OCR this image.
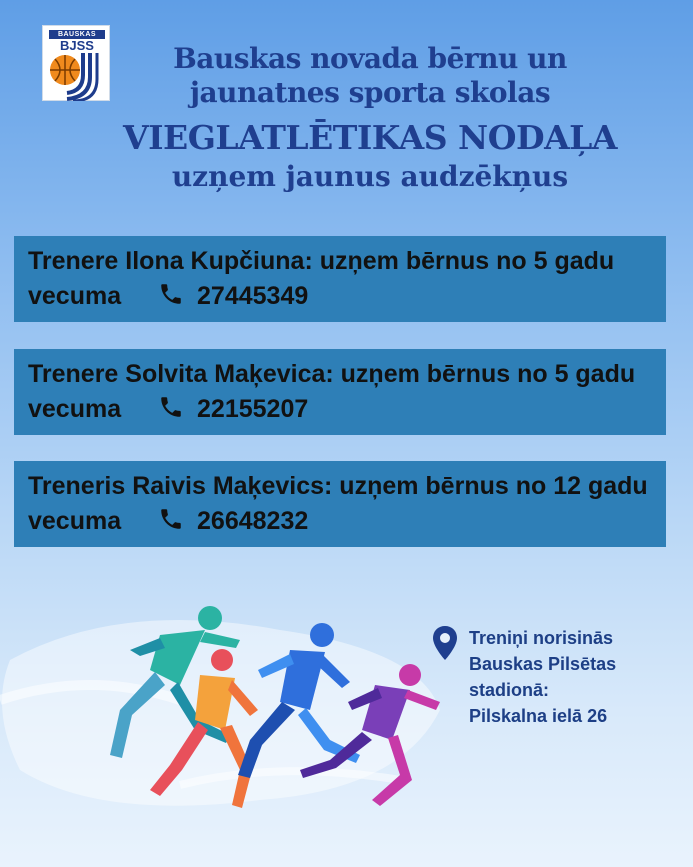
BAUSKAS
BJSS	Bauskas novada bērnu un
jaunatnes sporta skolas
VIEGLATLĒTIKAS NODAĻA
uzņem jaunus audzēkņus
Trenere Ilona Kupčiuna: uzņem bērnus no 5 gadu vecuma	27445349
Trenere Solvita Maķevica: uzņem bērnus no 5 gadu vecuma	22155207
Treneris Raivis Maķevics: uzņem bērnus no 12 gadu vecuma	26648232
Treniņi norisinās
Bauskas Pilsētas
stadionā:
Pilskalna ielā 26
